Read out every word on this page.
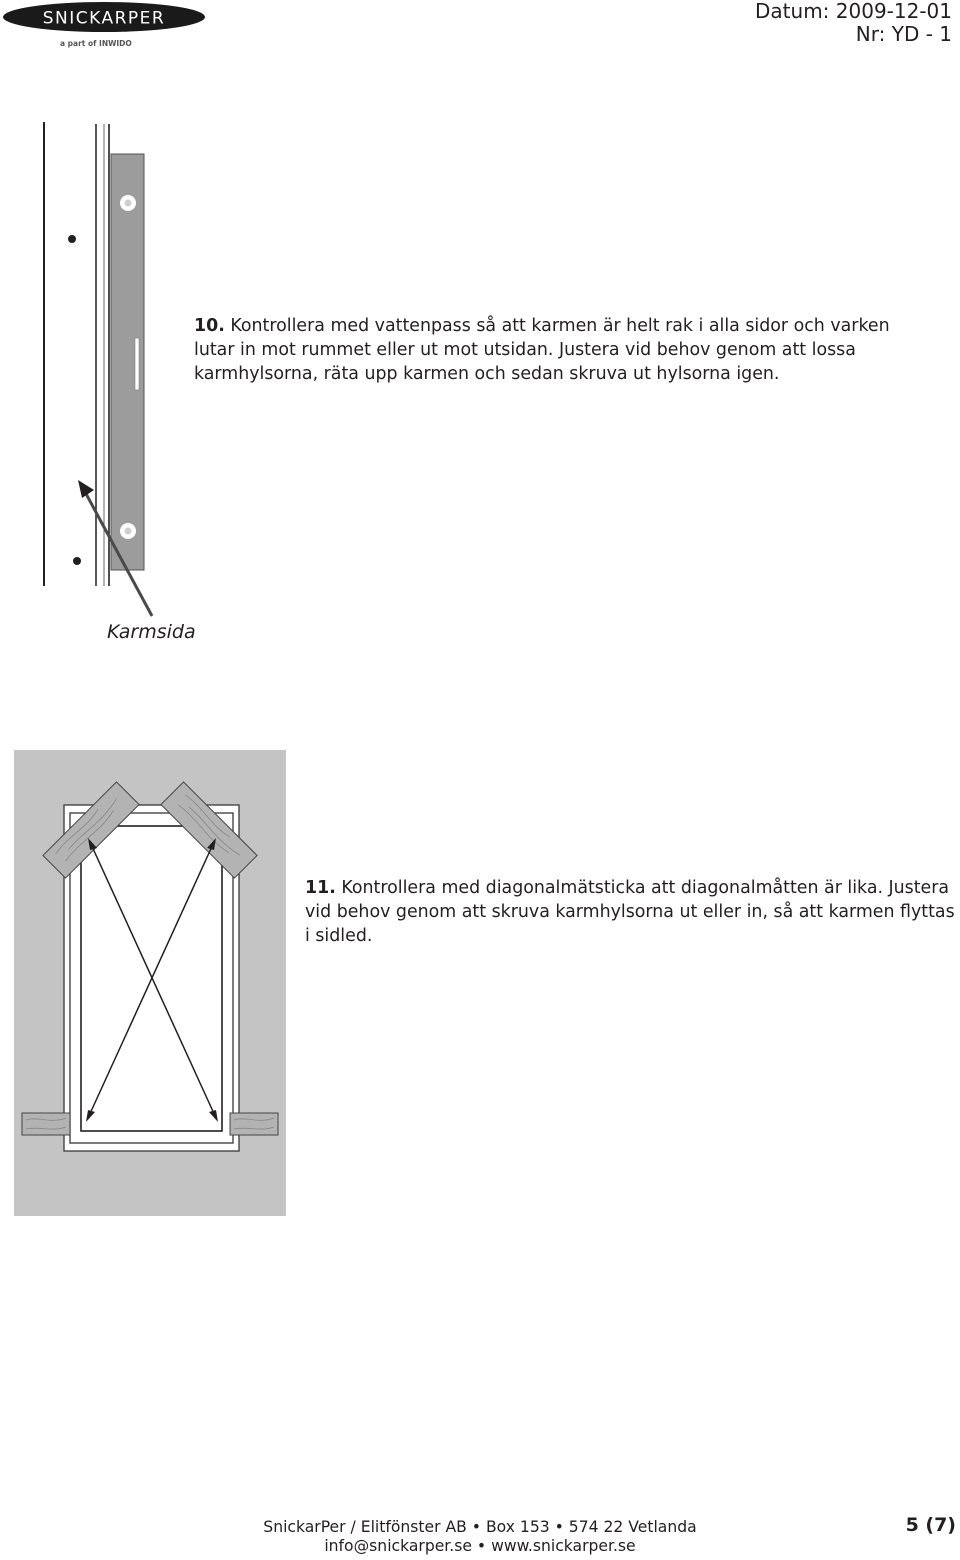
SNICKARPER
a part of INWIDO
Datum: 2009-12-01
Nr: YD - 1
Karmsida
10. Kontrollera med vattenpass så att karmen är helt rak i alla sidor och varken lutar in mot rummet eller ut mot utsidan. Justera vid behov genom att lossa karmhylsorna, räta upp karmen och sedan skruva ut hylsorna igen.
11. Kontrollera med diagonalmätsticka att diagonalmåtten är lika. Justera vid behov genom att skruva karmhylsorna ut eller in, så att karmen flyttas i sidled.
SnickarPer / Elitfönster AB • Box 153 • 574 22 Vetlanda
info@snickarper.se • www.snickarper.se
5 (7)
